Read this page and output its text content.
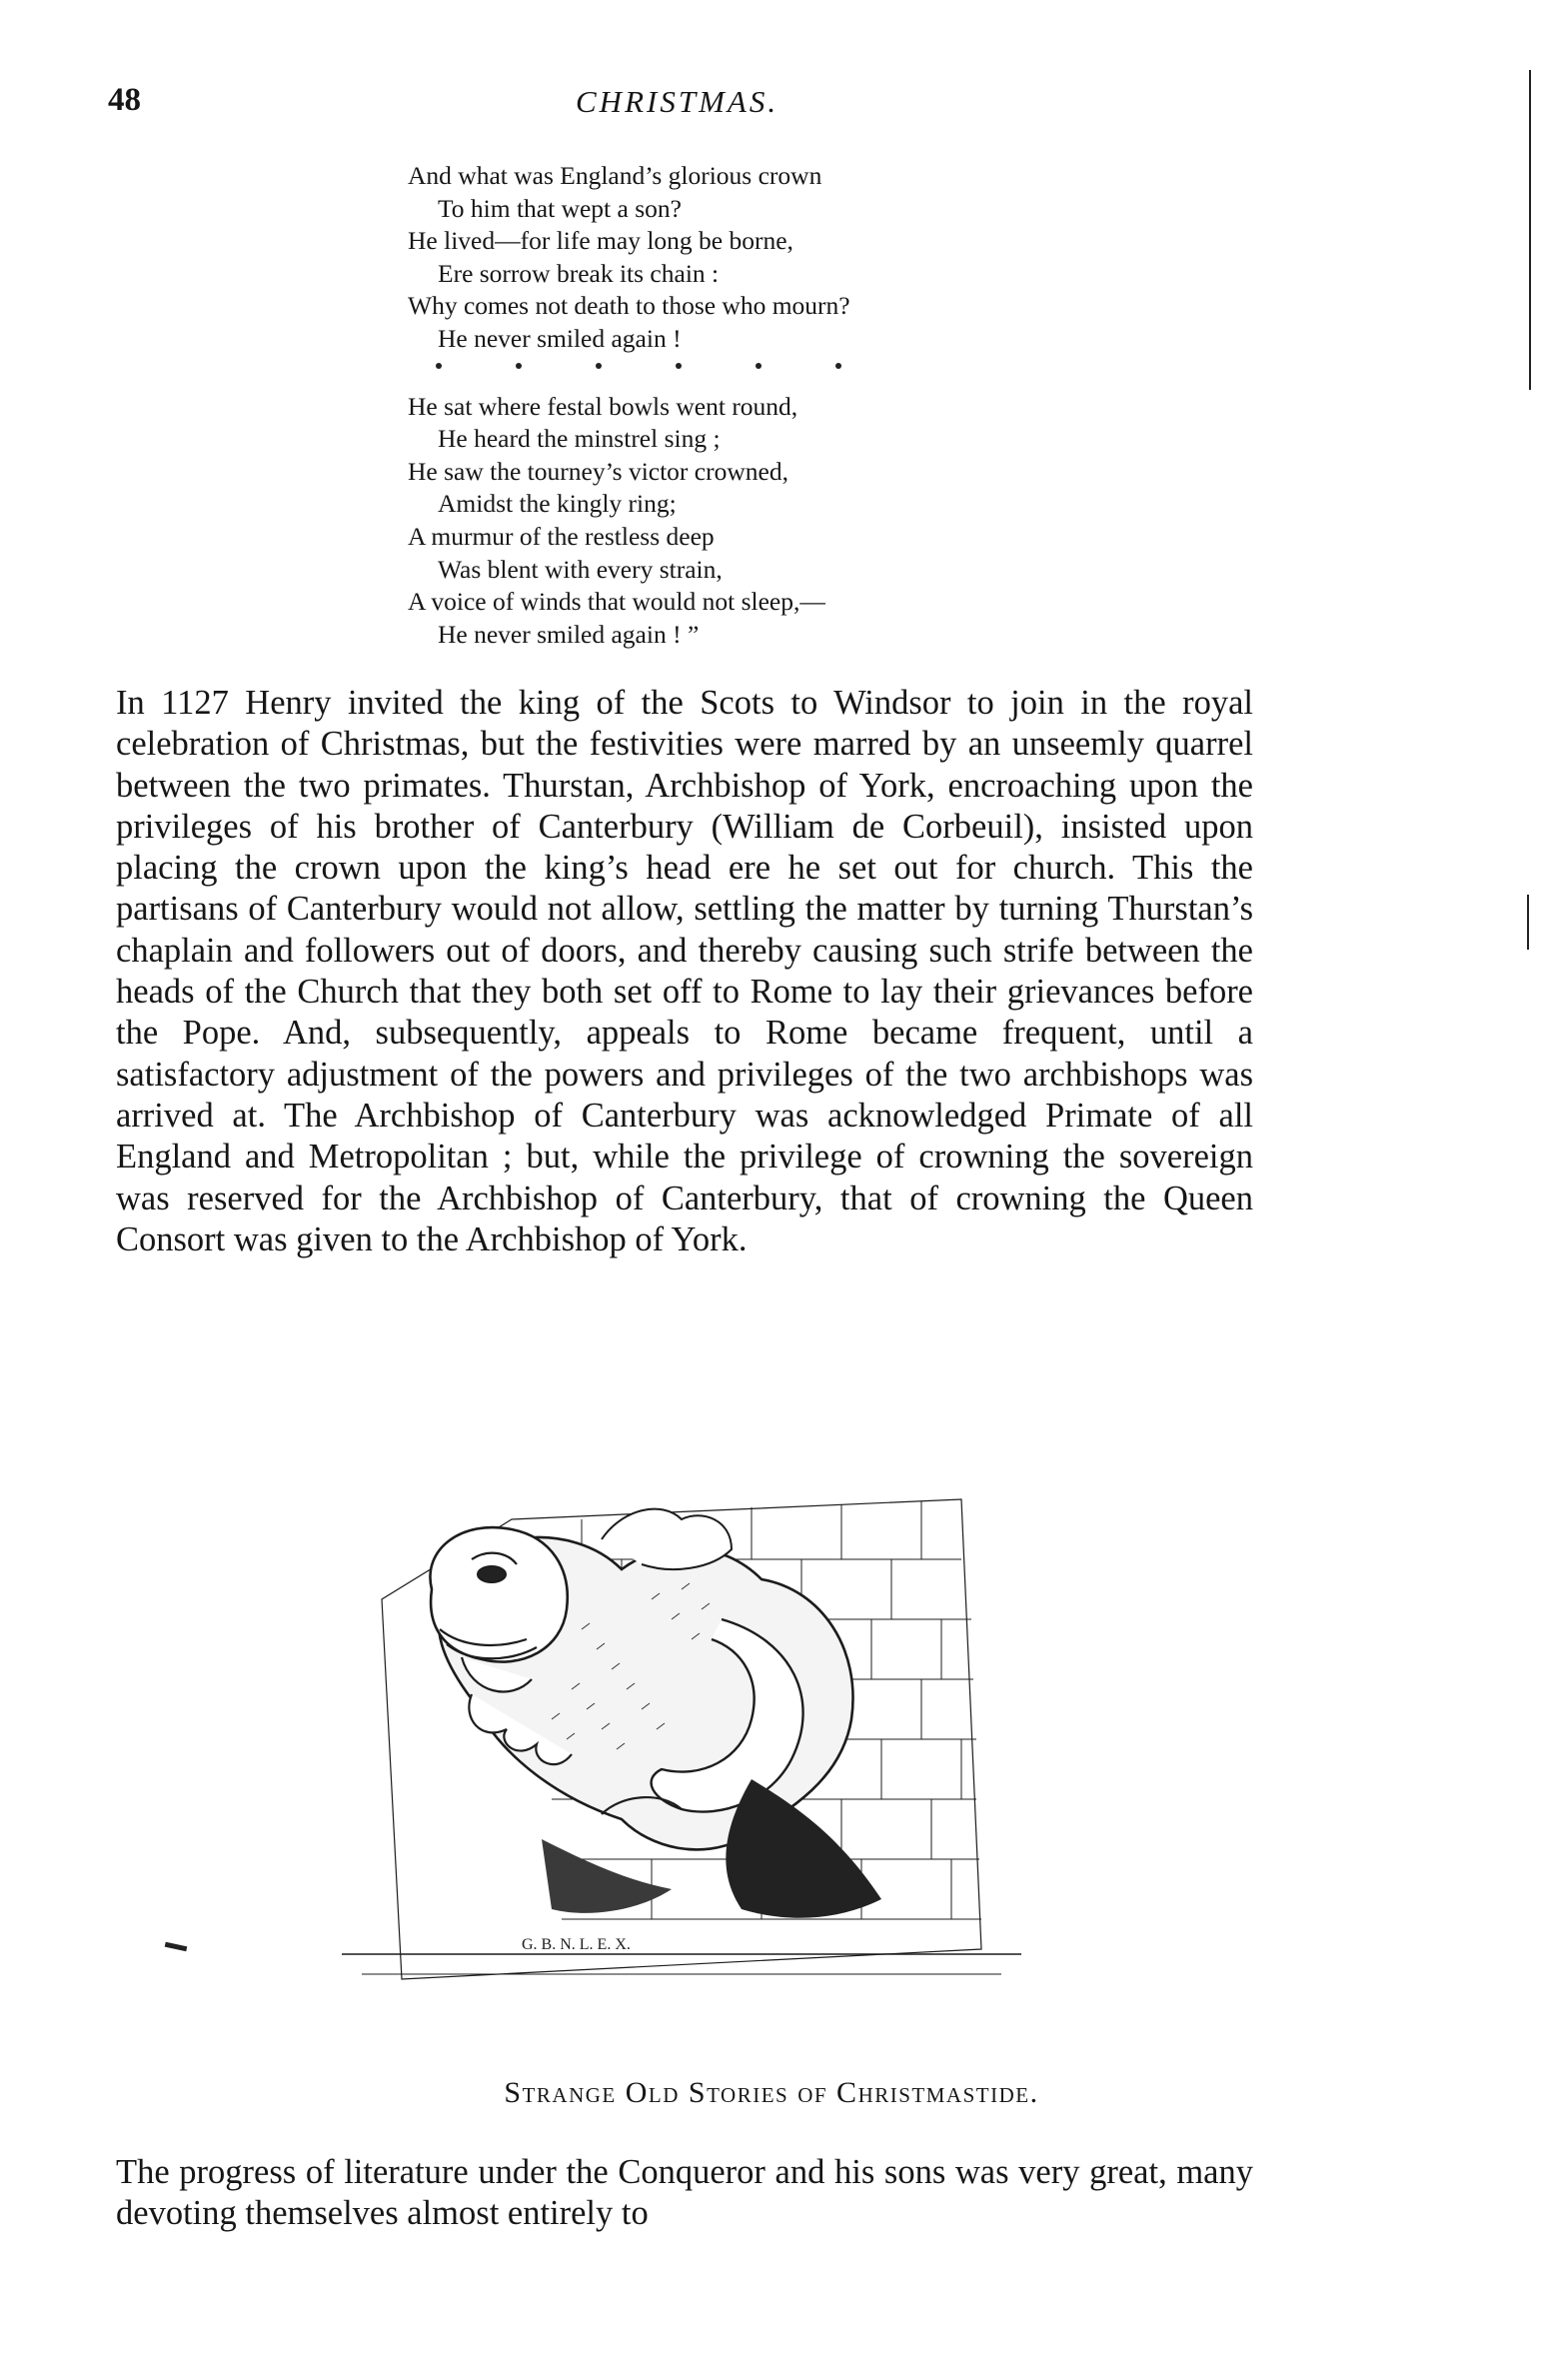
48	CHRISTMAS.
And what was England’s glorious crown
To him that wept a son?
He lived—for life may long be borne,
Ere sorrow break its chain :
Why comes not death to those who mourn?
He never smiled again !
He sat where festal bowls went round,
He heard the minstrel sing ;
He saw the tourney’s victor crowned,
Amidst the kingly ring;
A murmur of the restless deep
Was blent with every strain,
A voice of winds that would not sleep,—
He never smiled again ! ”

In 1127 Henry invited the king of the Scots to Windsor to join in the royal celebration of Christmas, but the festivities were marred by an unseemly quarrel between the two primates. Thurstan, Archbishop of York, encroaching upon the privileges of his brother of Canterbury (William de Corbeuil), insisted upon placing the crown upon the king’s head ere he set out for church. This the partisans of Canterbury would not allow, settling the matter by turning Thurstan’s chaplain and followers out of doors, and thereby causing such strife between the heads of the Church that they both set off to Rome to lay their grievances before the Pope. And, subsequently, appeals to Rome became frequent, until a satisfactory adjustment of the powers and privileges of the two archbishops was arrived at. The Archbishop of Canterbury was acknowledged Primate of all England and Metropolitan ; but, while the privilege of crowning the sovereign was reserved for the Archbishop of Canterbury, that of crowning the Queen Consort was given to the Archbishop of York.

G. B. N. L. E. X.
Strange Old Stories of Christmastide.

The progress of literature under the Conqueror and his sons was very great, many devoting themselves almost entirely to
